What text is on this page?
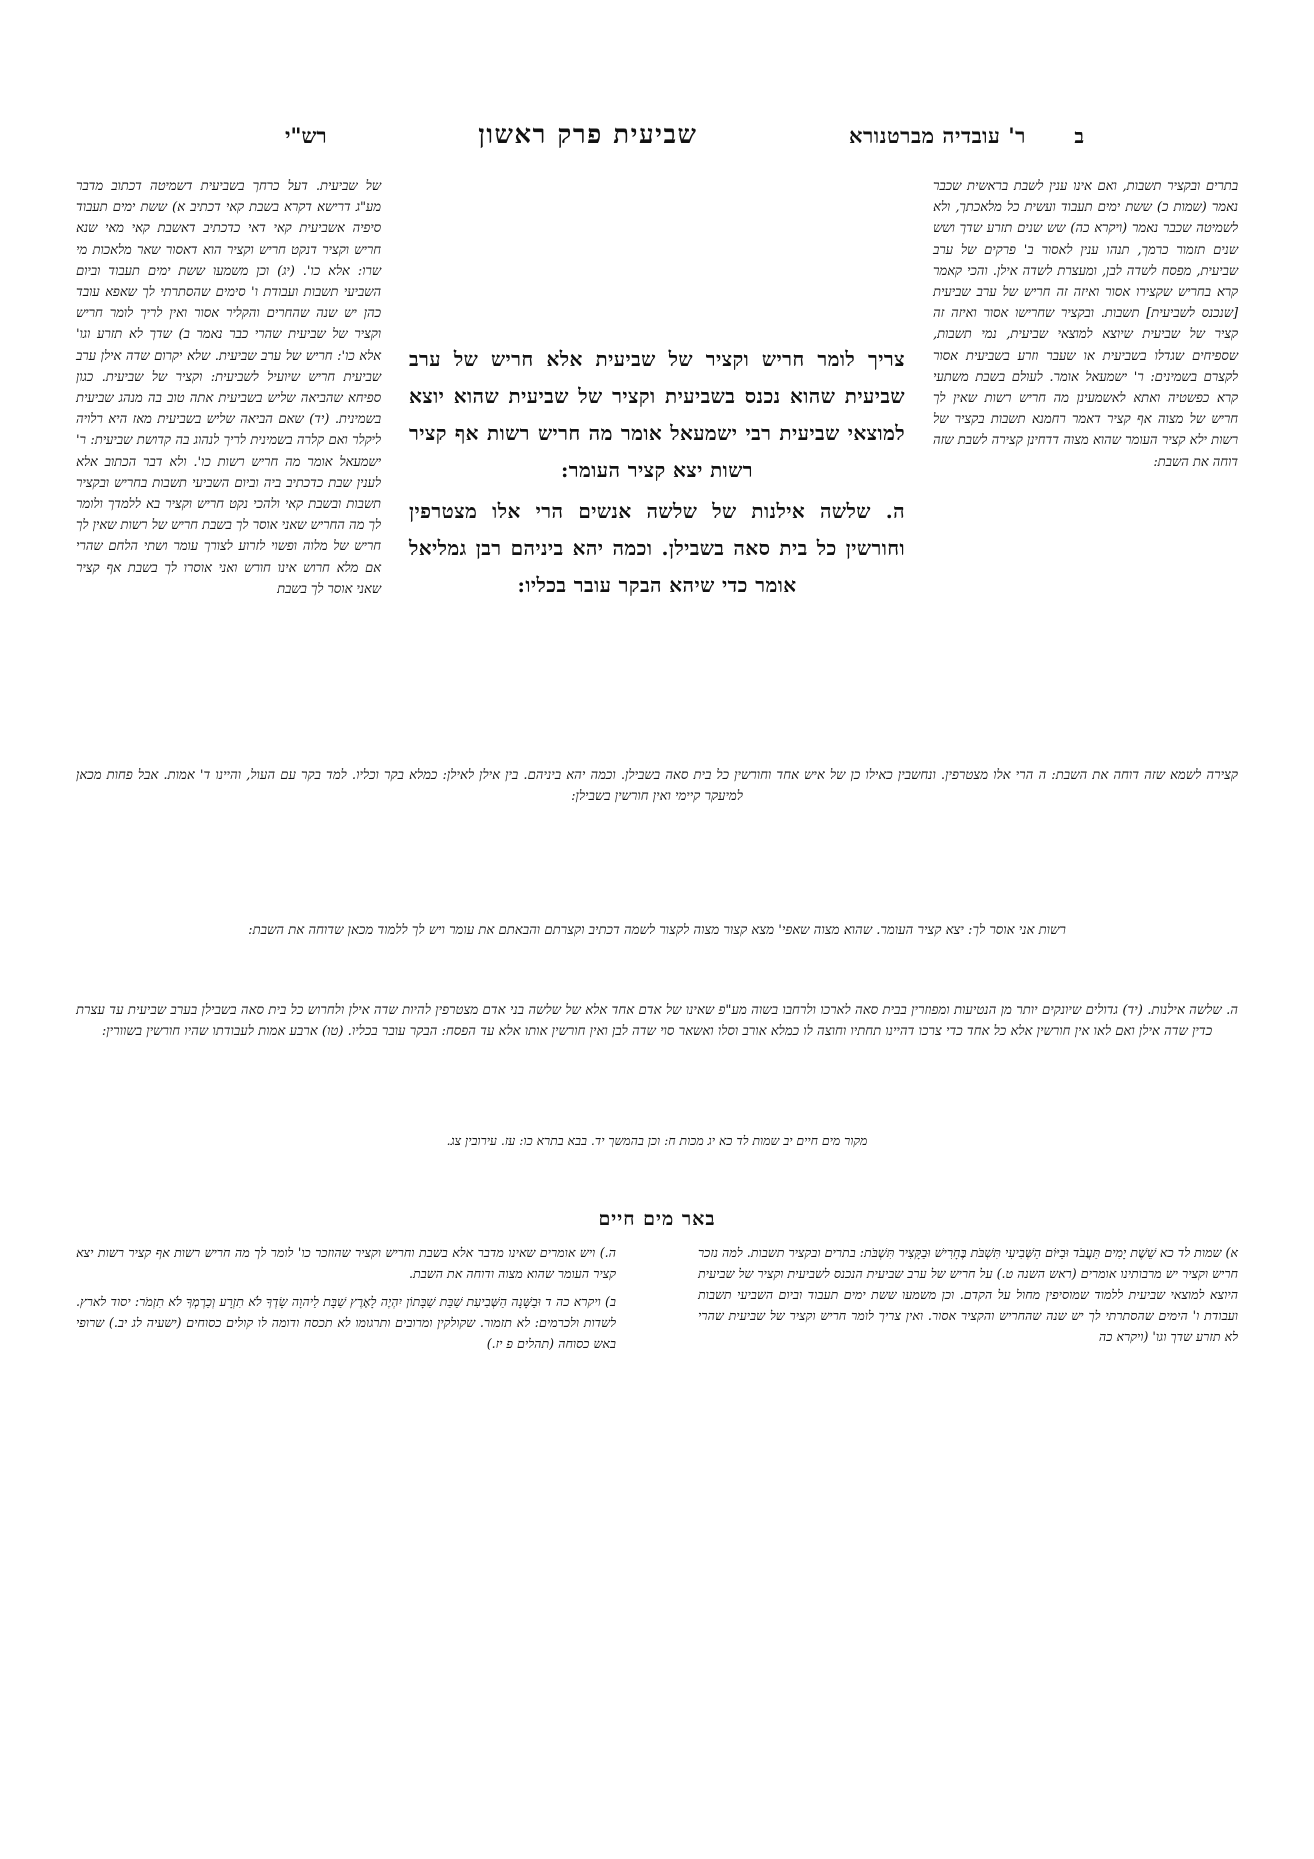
ב
ר' עובדיה מברטנורא
שביעית פרק ראשון
רש"י
בתרים ובקציר תשבות, ואם אינו ענין לשבת בראשית שכבר נאמר (שמות כ) ששת ימים תעבוד ועשית כל מלאכתך, ולא לשמיטה שכבר נאמר (ויקרא כה) שש שנים תזרע שדך ושש שנים תזמור כרמך, תנהו ענין לאסור ב' פרקים של ערב שביעית, מפסח לשדה לבן, ומעצרת לשדה אילן. והכי קאמר קרא בחריש שקצירו אסור ואיזה זה חריש של ערב שביעית [שנכנס לשביעית] תשבות. ובקציר שחרישו אסור ואיזה זה קציר של שביעית שיוצא למוצאי שביעית, נמי תשבות, שספיחים שגדלו בשביעית או שעבר וזרע בשביעית אסור לקצרם בשמינים: ר' ישמעאל אומר. לעולם בשבת משתעי קרא כפשטיה ואתא לאשמעינן מה חריש רשות שאין לך חריש של מצוה אף קציר דאמר רחמנא תשבות בקציר של רשות ילא קציר העומר שהוא מצוה דדחינן קצירה לשבת שזה דוחה את השבת:
של שביעית. דעל כרחך בשביעית דשמיטה דכתוב מדבר מע"ג דרישא דקרא בשבת קאי דכתיב א) ששת ימים תעבוד סיפיה אשביעית קאי דאי כדכתיב דאשבת קאי מאי שנא חריש וקציר דנקט חריש וקציר הוא דאסור שאר מלאכות מי שרו: אלא כו'. (יג) וכן משמעו ששת ימים תעבוד וביום השביעי תשבות ועבודת ו' סימים שהסתרתי לך שאפא עובד כהן יש שנה שהחרים והקליר אסור ואין לריך לומר חריש וקציר של שביעית שהרי כבר נאמר ב) שדך לא תזרע וגו' אלא כו': חריש של ערב שביעית. שלא יקרום שדה אילן ערב שביעית חריש שיועיל לשביעית: וקציר של שביעית. כגון ספיחא שהביאה שליש בשביעית אתה טוב בה מנהג שביעית בשמינית. (יד) שאם הביאה שליש בשביעית מאז היא רלויה ליקלר ואם קלרה בשמינית לריך לנהוג בה קדושת שביעית: ר' ישמעאל אומר מה חריש רשות כו'. ולא דבר הכתוב אלא לענין שבת כדכתיב ביה וביום השביעי תשבות בחריש ובקציר תשבות ובשבת קאי ולהכי נקט חריש וקציר בא ללמדך ולומר לך מה החריש שאני אוסר לך בשבת חריש של רשות שאין לך חריש של מלוה ופשוי לזרוע לצורך עומר ושתי הלחם שהרי אם מלא חרוש אינו חורש ואני אוסרו לך בשבת אף קציר שאני אוסר לך בשבת

צריך לומר חריש וקציר של שביעית אלא חריש של ערב שביעית שהוא נכנס בשביעית וקציר של שביעית שהוא יוצא למוצאי שביעית רבי ישמעאל אומר מה חריש רשות אף קציר רשות יצא קציר העומר:

ה. שלשה אילנות של שלשה אנשים הרי אלו מצטרפין וחורשין כל בית סאה בשבילן. וכמה יהא ביניהם רבן גמליאל אומר כדי שיהא הבקר עובר בכליו:

קצירה לשמא שזה דוחה את השבת: ה הרי אלו מצטרפין. ונחשבין כאילו כן של איש אחד וחורשין כל בית סאה בשבילן. וכמה יהא ביניהם. בין אילן לאילן: כמלא בקר וכליו. למד בקר עם העול, והיינו ד' אמות. אבל פחות מכאן למיעקר קיימי ואין חורשין בשבילן:
רשות אני אוסר לך: יצא קציר העומר. שהוא מצוה שאפי' מצא קצור מצוה לקצור לשמה דכתיב וקצרתם והבאתם את עומר ויש לך ללמוד מכאן שדוחה את השבת:
ה. שלשה אילנות. (יד) גדולים שיונקים יותר מן הנטיעות ומפוזרין בבית סאה לארכו ולרחבו בשוה מע"פ שאינו של אדם אחד אלא של שלשה בני אדם מצטרפין להיות שדה אילן ולחרוש כל בית סאה בשבילן בערב שביעית עד עצרת כדין שדה אילן ואם לאו אין חורשין אלא כל אחד כדי צרכו דהיינו תחתיו וחוצה לו כמלא אורב וסלו ואשאר סוי שדה לבן ואין חורשין אותו אלא עד הפסח: הבקר עובר בכליו. (טו) ארבע אמות לעבודתו שהיו חורשין בשוורין:
מקור מים חיים יב שמות לד כא יג מכות ח: וכן בהמשך יד. בבא בתרא כו: עז. עירובין צג.
באר מים חיים

א) שמות לד כא שֵׁשֶׁת יָמִים תַּעֲבֹד וּבַיּוֹם הַשְּׁבִיעִי תִּשְׁבֹּת בֶּחָרִישׁ וּבַקָּצִיר תִּשְׁבֹּת: בתרים ובקציר תשבות. למה נזכר חריש וקציר יש מרבותינו אומרים (ראש השנה ט.) על חריש של ערב שביעית הנכנס לשביעית וקציר של שביעית היוצא למוצאי שביעית ללמוד שמוסיפין מחול על הקדם. וכן משמעו ששת ימים תעבוד וביום השביעי תשבות ועבודת ו' הימים שהסתרתי לך יש שנה שהחריש והקציר אסור. ואין צריך לומר חריש וקציר של שביעית שהרי לא תזרע שדך וגו' (ויקרא כה

ה.) ויש אומרים שאינו מדבר אלא בשבת וחריש וקציר שהוזכר כו' לומר לך מה חריש רשות אף קציר רשות יצא קציר העומר שהוא מצוה ודוחה את השבת.

ב) ויקרא כה ד וּבַשָּׁנָה הַשְּׁבִיעִת שַׁבַּת שַׁבָּתוֹן יִהְיֶה לָאָרֶץ שַׁבָּת לַיהוָה שָׂדְךָ לֹא תִזְרָע וְכַרְמְךָ לֹא תִזְמֹר: יסוד לארץ. לשדות ולכרמים: לא תזמור. שקולקין ומרובים ותרגומו לא תכסח ודומה לו קולים כסוחים (ישעיה לג יב.) שרופי באש כסוחה (תהלים פ יז.)
